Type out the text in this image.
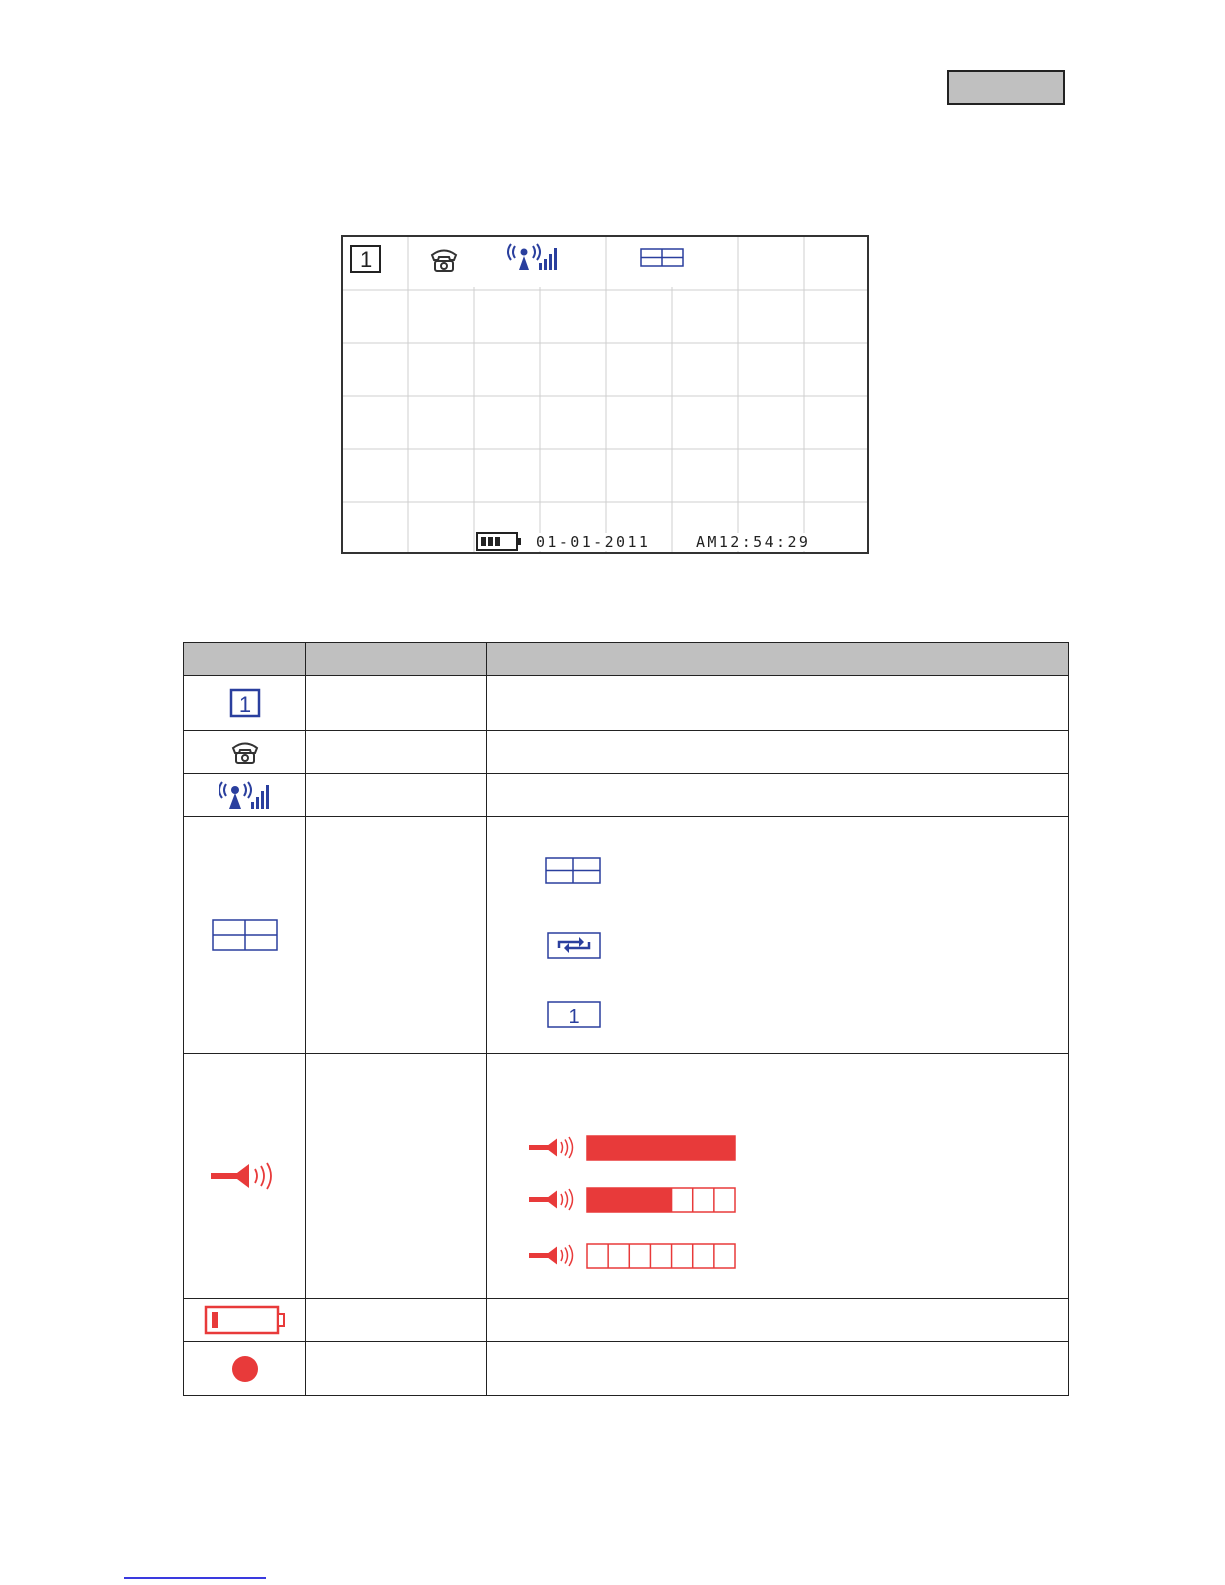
1
01-01-2011	AM12:54:29

1		

1
